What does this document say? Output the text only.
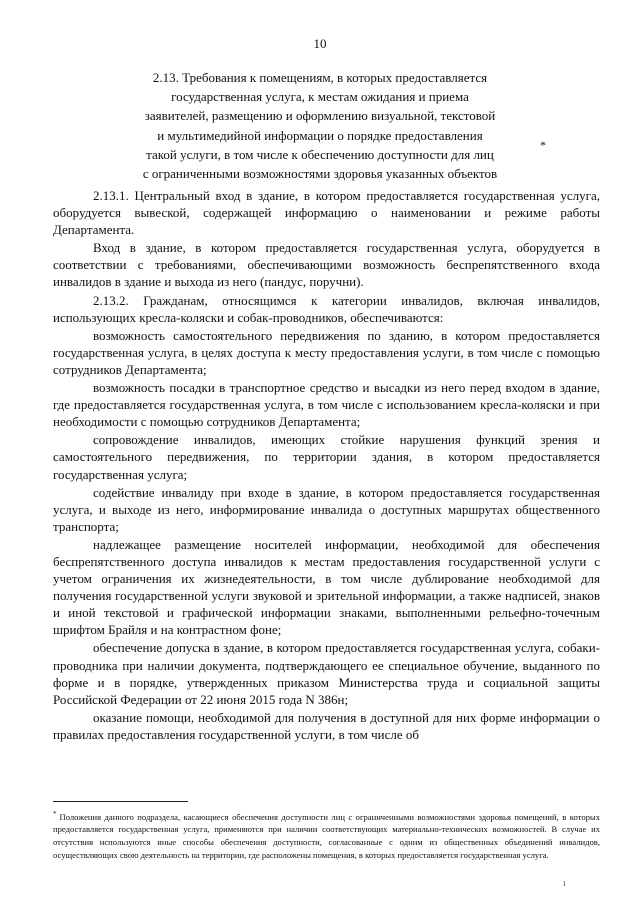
10
2.13. Требования к помещениям, в которых предоставляется
государственная услуга, к местам ожидания и приема
заявителей, размещению и оформлению визуальной, текстовой
и мультимедийной информации о порядке предоставления
такой услуги, в том числе к обеспечению доступности для лиц
с ограниченными возможностями здоровья указанных объектов
*

2.13.1. Центральный вход в здание, в котором предоставляется государственная услуга, оборудуется вывеской, содержащей информацию о наименовании и режиме работы Департамента.

Вход в здание, в котором предоставляется государственная услуга, оборудуется в соответствии с требованиями, обеспечивающими возможность беспрепятственного входа инвалидов в здание и выхода из него (пандус, поручни).

2.13.2. Гражданам, относящимся к категории инвалидов, включая инвалидов, использующих кресла-коляски и собак-проводников, обеспечиваются:

возможность самостоятельного передвижения по зданию, в котором предоставляется государственная услуга, в целях доступа к месту предоставления услуги, в том числе с помощью сотрудников Департамента;

возможность посадки в транспортное средство и высадки из него перед входом в здание, где предоставляется государственная услуга, в том числе с использованием кресла-коляски и при необходимости с помощью сотрудников Департамента;

сопровождение инвалидов, имеющих стойкие нарушения функций зрения и самостоятельного передвижения, по территории здания, в котором предоставляется государственная услуга;

содействие инвалиду при входе в здание, в котором предоставляется государственная услуга, и выходе из него, информирование инвалида о доступных маршрутах общественного транспорта;

надлежащее размещение носителей информации, необходимой для обеспечения беспрепятственного доступа инвалидов к местам предоставления государственной услуги с учетом ограничения их жизнедеятельности, в том числе дублирование необходимой для получения государственной услуги звуковой и зрительной информации, а также надписей, знаков и иной текстовой и графической информации знаками, выполненными рельефно-точечным шрифтом Брайля и на контрастном фоне;

обеспечение допуска в здание, в котором предоставляется государственная услуга, собаки-проводника при наличии документа, подтверждающего ее специальное обучение, выданного по форме и в порядке, утвержденных приказом Министерства труда и социальной защиты Российской Федерации от 22 июня 2015 года N 386н;

оказание помощи, необходимой для получения в доступной для них форме информации о правилах предоставления государственной услуги, в том числе об

* Положения данного подраздела, касающиеся обеспечения доступности лиц с ограниченными возможностями здоровья помещений, в которых предоставляется государственная услуга, применяются при наличии соответствующих материально-технических возможностей. В случае их отсутствия используются иные способы обеспечения доступности, согласованные с одним из общественных объединений инвалидов, осуществляющих свою деятельность на территории, где расположены помещения, в которых предоставляется государственная услуга.
ı
